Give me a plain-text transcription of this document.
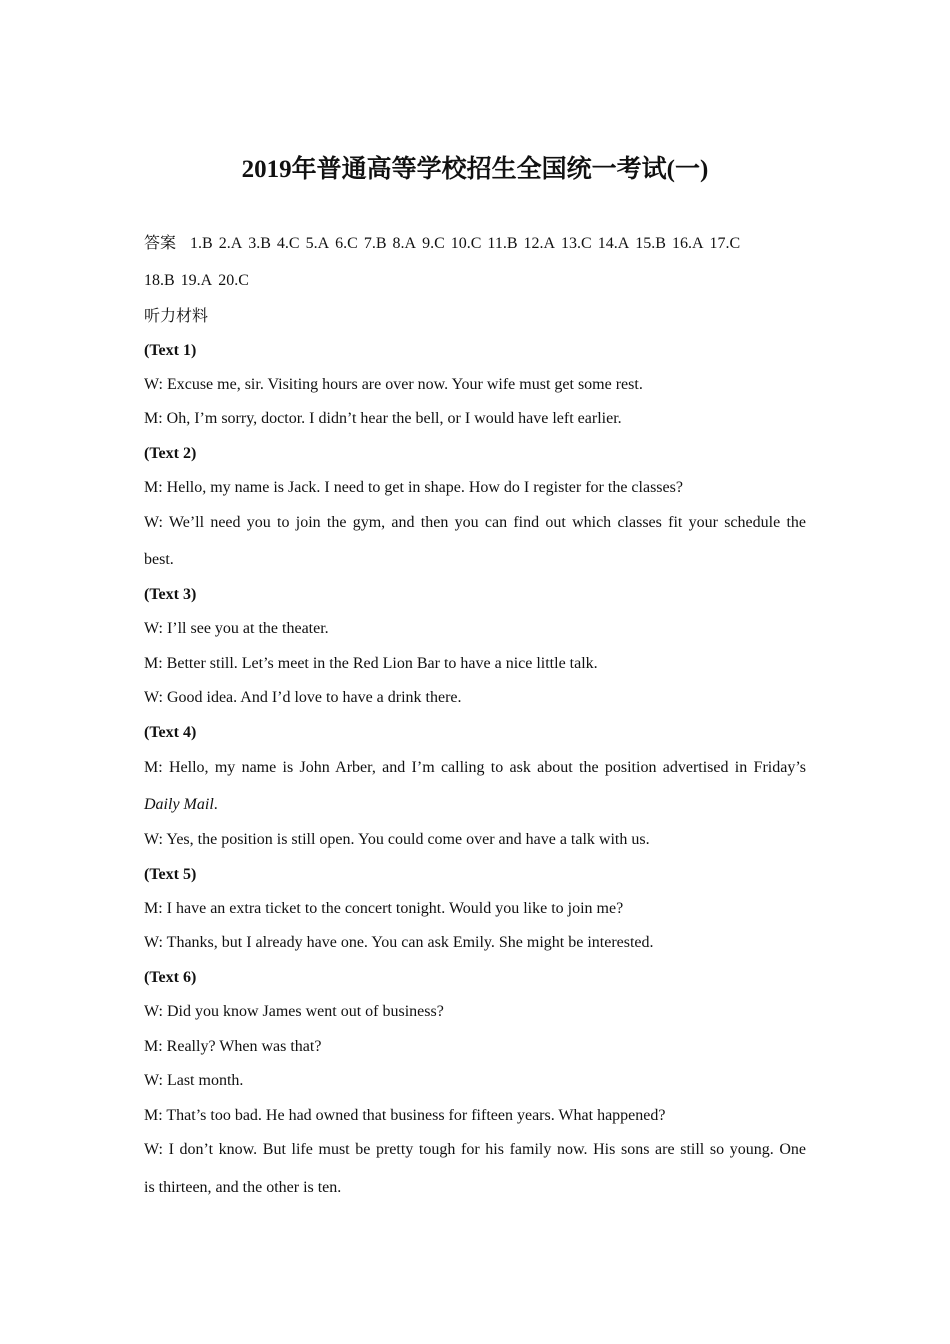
2019年普通高等学校招生全国统一考试(一)
答案 1.B 2.A 3.B 4.C 5.A 6.C 7.B 8.A 9.C 10.C 11.B 12.A 13.C 14.A 15.B 16.A 17.C
18.B 19.A 20.C
听力材料
(Text 1)
W: Excuse me, sir. Visiting hours are over now. Your wife must get some rest.
M: Oh, I’m sorry, doctor. I didn’t hear the bell, or I would have left earlier.
(Text 2)
M: Hello, my name is Jack. I need to get in shape. How do I register for the classes?
W: We’ll need you to join the gym, and then you can find out which classes fit your schedule the
best.
(Text 3)
W: I’ll see you at the theater.
M: Better still. Let’s meet in the Red Lion Bar to have a nice little talk.
W: Good idea. And I’d love to have a drink there.
(Text 4)
M: Hello, my name is John Arber, and I’m calling to ask about the position advertised in Friday’s
Daily Mail.
W: Yes, the position is still open. You could come over and have a talk with us.
(Text 5)
M: I have an extra ticket to the concert tonight. Would you like to join me?
W: Thanks, but I already have one. You can ask Emily. She might be interested.
(Text 6)
W: Did you know James went out of business?
M: Really? When was that?
W: Last month.
M: That’s too bad. He had owned that business for fifteen years. What happened?
W: I don’t know. But life must be pretty tough for his family now. His sons are still so young. One
is thirteen, and the other is ten.
